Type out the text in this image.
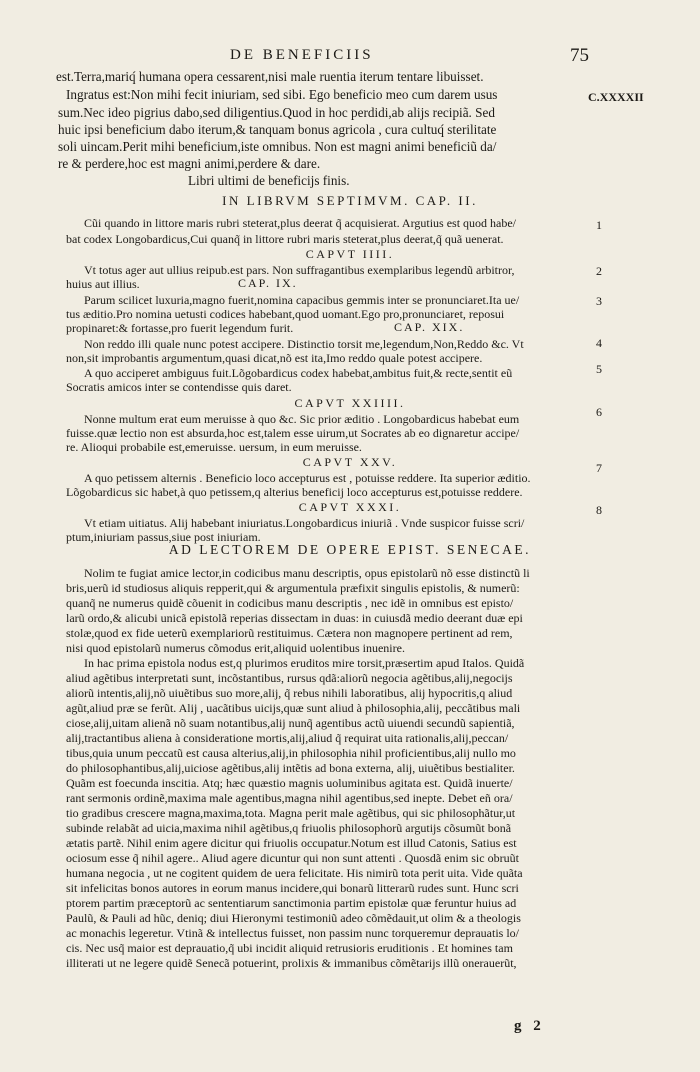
DE BENEFICIIS	75
est.Terra,mariq́ humana opera cessarent,nisi male ruentia iterum tentare libuisset.
Ingratus est:Non mihi fecit iniuriam, sed sibi. Ego beneficio meo cum darem usus
sum.Nec ideo pigrius dabo,sed diligentius.Quod in hoc perdidi,ab alijs recipiã. Sed
huic ipsi beneficium dabo iterum,& tanquam bonus agricola , cura cultuq́ sterilitate
soli uincam.Perit mihi beneficium,iste omnibus. Non est magni animi beneficiũ da/
re & perdere,hoc est magni animi,perdere & dare.
Libri ultimi de beneficijs finis.
C.XXXXII
IN LIBRVM SEPTIMVM. CAP. II.
Cũi quando in littore maris rubri steterat,plus deerat q̃ acquisierat. Argutius est quod habe/
bat codex Longobardicus,Cui quanq̃ in littore rubri maris steterat,plus deerat,q̃ quã uenerat.
CAPVT IIII.
Vt totus ager aut ullius reipub.est pars. Non suffragantibus exemplaribus legendũ arbitror,
huius aut illius.	CAP. IX.
Parum scilicet luxuria,magno fuerit,nomina capacibus gemmis inter se pronunciaret.Ita ue/
tus æditio.Pro nomina uetusti codices habebant,quod uomant.Ego pro,pronunciaret, reposui
propinaret:& fortasse,pro fuerit legendum furit.	CAP. XIX.
Non reddo illi quale nunc potest accipere. Distinctio torsit me,legendum,Non,Reddo &c. Vt
non,sit improbantis argumentum,quasi dicat,nõ est ita,Imo reddo quale potest accipere.
A quo acciperet ambiguus fuit.Lõgobardicus codex habebat,ambitus fuit,& recte,sentit eũ
Socratis amicos inter se contendisse quis daret.
CAPVT XXIIII.
Nonne multum erat eum meruisse à quo &c. Sic prior æditio . Longobardicus habebat eum
fuisse.quæ lectio non est absurda,hoc est,talem esse uirum,ut Socrates ab eo dignaretur accipe/
re. Alioqui probabile est,emeruisse. uersum, in eum meruisse.
CAPVT XXV.
A quo petissem alternis . Beneficio loco accepturus est , potuisse reddere. Ita superior æditio.
Lõgobardicus sic habet,à quo petissem,q alterius beneficij loco accepturus est,potuisse reddere.
CAPVT XXXI.
Vt etiam uitiatus. Alij habebant iniuriatus.Longobardicus iniuriã . Vnde suspicor fuisse scri/
ptum,iniuriam passus,siue post iniuriam.
1
2
3
4
5
6
7
8
AD LECTOREM DE OPERE EPIST. SENECAE.
Nolim te fugiat amice lector,in codicibus manu descriptis, opus epistolarũ nõ esse distinctũ li
bris,uerũ id studiosus aliquis repperit,qui & argumentula præfixit singulis epistolis, & numerũ:
quanq̃ ne numerus quidẽ cõuenit in codicibus manu descriptis , nec idẽ in omnibus est episto/
larũ ordo,& alicubi unicã epistolã reperias dissectam in duas: in cuiusdã medio deerant duæ epi
stolæ,quod ex fide ueterũ exemplariorũ restituimus. Cætera non magnopere pertinent ad rem,
nisi quod epistolarũ numerus cõmodus erit,aliquid uolentibus inuenire.
In hac prima epistola nodus est,q plurimos eruditos mire torsit,præsertim apud Italos. Quidã
aliud agẽtibus interpretati sunt, incõstantibus, rursus qdã:aliorũ negocia agẽtibus,alij,negocijs
aliorũ intentis,alij,nõ uiuẽtibus suo more,alij, q̃ rebus nihili laboratibus, alij hypocritis,q aliud
agũt,aliud præ se ferũt. Alij , uacãtibus uicijs,quæ sunt aliud à philosophia,alij, peccãtibus mali
ciose,alij,uitam alienã nõ suam notantibus,alij nunq̃ agentibus actũ uiuendi secundũ sapientiã,
alij,tractantibus aliena à consideratione mortis,alij,aliud q̃ requirat uita rationalis,alij,peccan/
tibus,quia unum peccatũ est causa alterius,alij,in philosophia nihil proficientibus,alij nullo mo
do philosophantibus,alij,uiciose agẽtibus,alij intẽtis ad bona externa, alij, uiuẽtibus bestialiter.
Quãm est foecunda inscitia. Atq; hæc quæstio magnis uoluminibus agitata est. Quidã inuerte/
rant sermonis ordinẽ,maxima male agentibus,magna nihil agentibus,sed inepte. Debet eñ ora/
tio gradibus crescere magna,maxima,tota. Magna perit male agẽtibus, qui sic philosophãtur,ut
subinde relabãt ad uicia,maxima nihil agẽtibus,q friuolis philosophorũ argutijs cõsumũt bonã
ætatis partẽ. Nihil enim agere dicitur qui friuolis occupatur.Notum est illud Catonis, Satius est
ociosum esse q̃ nihil agere.. Aliud agere dicuntur qui non sunt attenti . Quosdã enim sic obruũt
humana negocia , ut ne cogitent quidem de uera felicitate. His nimirũ tota perit uita. Vide quãta
sit infelicitas bonos autores in eorum manus incidere,qui bonarũ litterarũ rudes sunt. Hunc scri
ptorem partim præceptorũ ac sententiarum sanctimonia partim epistolæ quæ feruntur huius ad
Paulũ, & Pauli ad hũc, deniq; diui Hieronymi testimoniũ adeo cõmẽdauit,ut olim & a theologis
ac monachis legeretur. Vtinã & intellectus fuisset, non passim nunc torqueremur deprauatis lo/
cis. Nec usq̃ maior est deprauatio,q̃ ubi incidit aliquid retrusioris eruditionis . Et homines tam
illiterati ut ne legere quidẽ Senecã potuerint, prolixis & immanibus cõmẽtarijs illũ onerauerũt,
g 2
